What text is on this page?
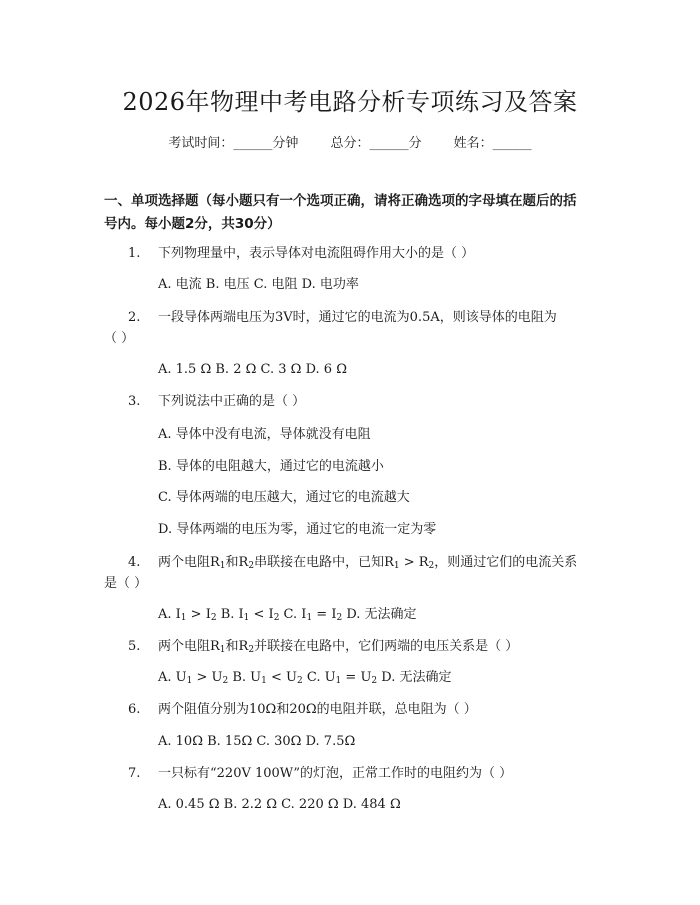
2026年物理中考电路分析专项练习及答案
考试时间：______分钟 总分：______分 姓名：______
一、单项选择题（每小题只有一个选项正确，请将正确选项的字母填在题后的括
号内。每小题2分，共30分）
1. 下列物理量中，表示导体对电流阻碍作用大小的是（ ）
A. 电流 B. 电压 C. 电阻 D. 电功率
2. 一段导体两端电压为3V时，通过它的电流为0.5A，则该导体的电阻为
（ ）
A. 1.5 Ω B. 2 Ω C. 3 Ω D. 6 Ω
3. 下列说法中正确的是（ ）
A. 导体中没有电流，导体就没有电阻
B. 导体的电阻越大，通过它的电流越小
C. 导体两端的电压越大，通过它的电流越大
D. 导体两端的电压为零，通过它的电流一定为零
4. 两个电阻$R_1$和$R_2$串联接在电路中，已知$R_1 > R_2$，则通过它们的电流关系
是（ ）
A. $I_1 > I_2$ B. $I_1 < I_2$ C. $I_1 = I_2$ D. 无法确定
5. 两个电阻$R_1$和$R_2$并联接在电路中，它们两端的电压关系是（ ）
A. $U_1 > U_2$ B. $U_1 < U_2$ C. $U_1 = U_2$ D. 无法确定
6. 两个阻值分别为10Ω和20Ω的电阻并联，总电阻为（ ）
A. 10Ω B. 15Ω C. 30Ω D. 7.5Ω
7. 一只标有“220V 100W”的灯泡，正常工作时的电阻约为（ ）
A. 0.45 Ω B. 2.2 Ω C. 220 Ω D. 484 Ω
